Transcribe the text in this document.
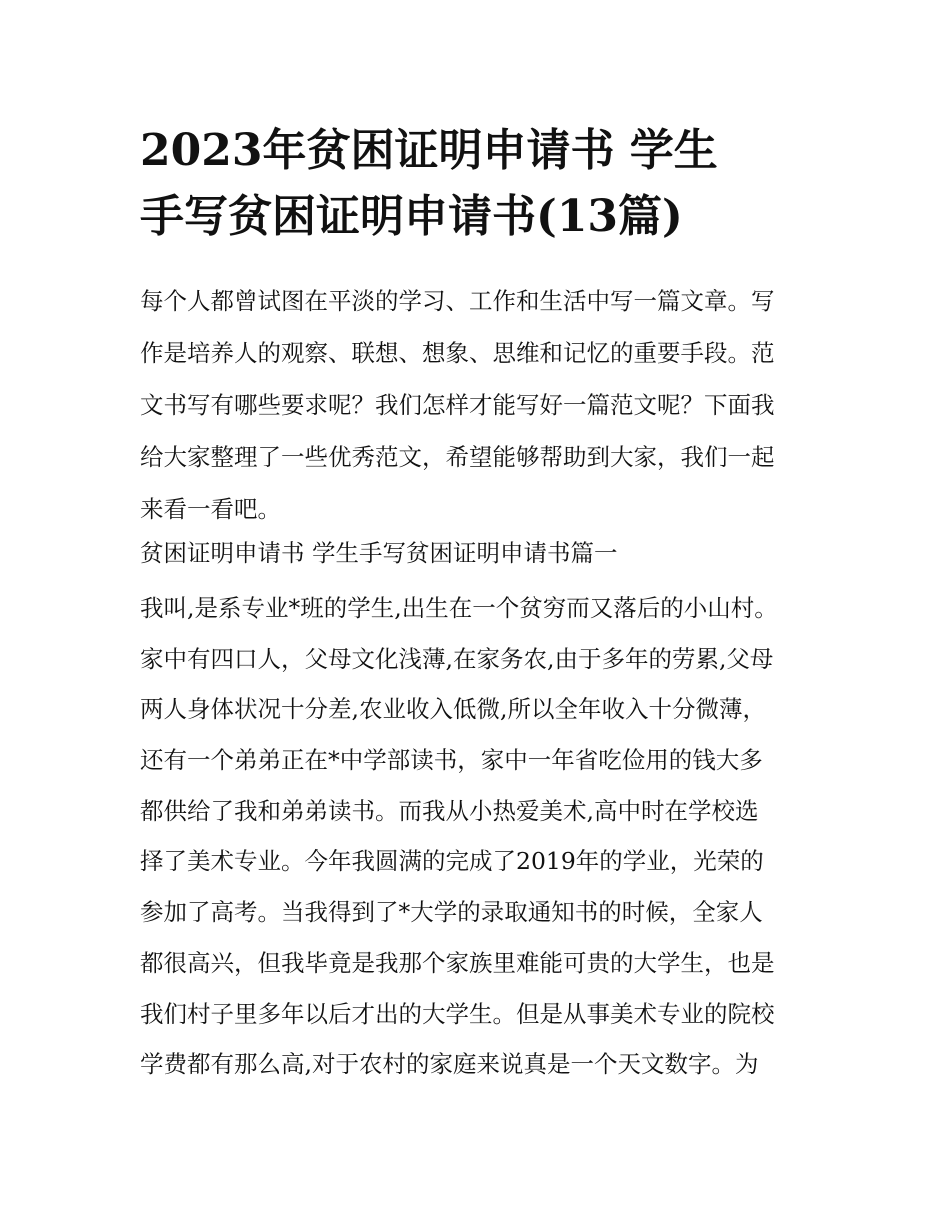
2023年贫困证明申请书 学生
手写贫困证明申请书(13篇)
每个人都曾试图在平淡的学习、工作和生活中写一篇文章。写
作是培养人的观察、联想、想象、思维和记忆的重要手段。范
文书写有哪些要求呢？我们怎样才能写好一篇范文呢？下面我
给大家整理了一些优秀范文，希望能够帮助到大家，我们一起
来看一看吧。
贫困证明申请书 学生手写贫困证明申请书篇一
我叫,是系专业*班的学生,出生在一个贫穷而又落后的小山村。
家中有四口人，父母文化浅薄,在家务农,由于多年的劳累,父母
两人身体状况十分差,农业收入低微,所以全年收入十分微薄，
还有一个弟弟正在*中学部读书，家中一年省吃俭用的钱大多
都供给了我和弟弟读书。而我从小热爱美术,高中时在学校选
择了美术专业。今年我圆满的完成了2019年的学业，光荣的
参加了高考。当我得到了*大学的录取通知书的时候，全家人
都很高兴，但我毕竟是我那个家族里难能可贵的大学生，也是
我们村子里多年以后才出的大学生。但是从事美术专业的院校
学费都有那么高,对于农村的家庭来说真是一个天文数字。为
